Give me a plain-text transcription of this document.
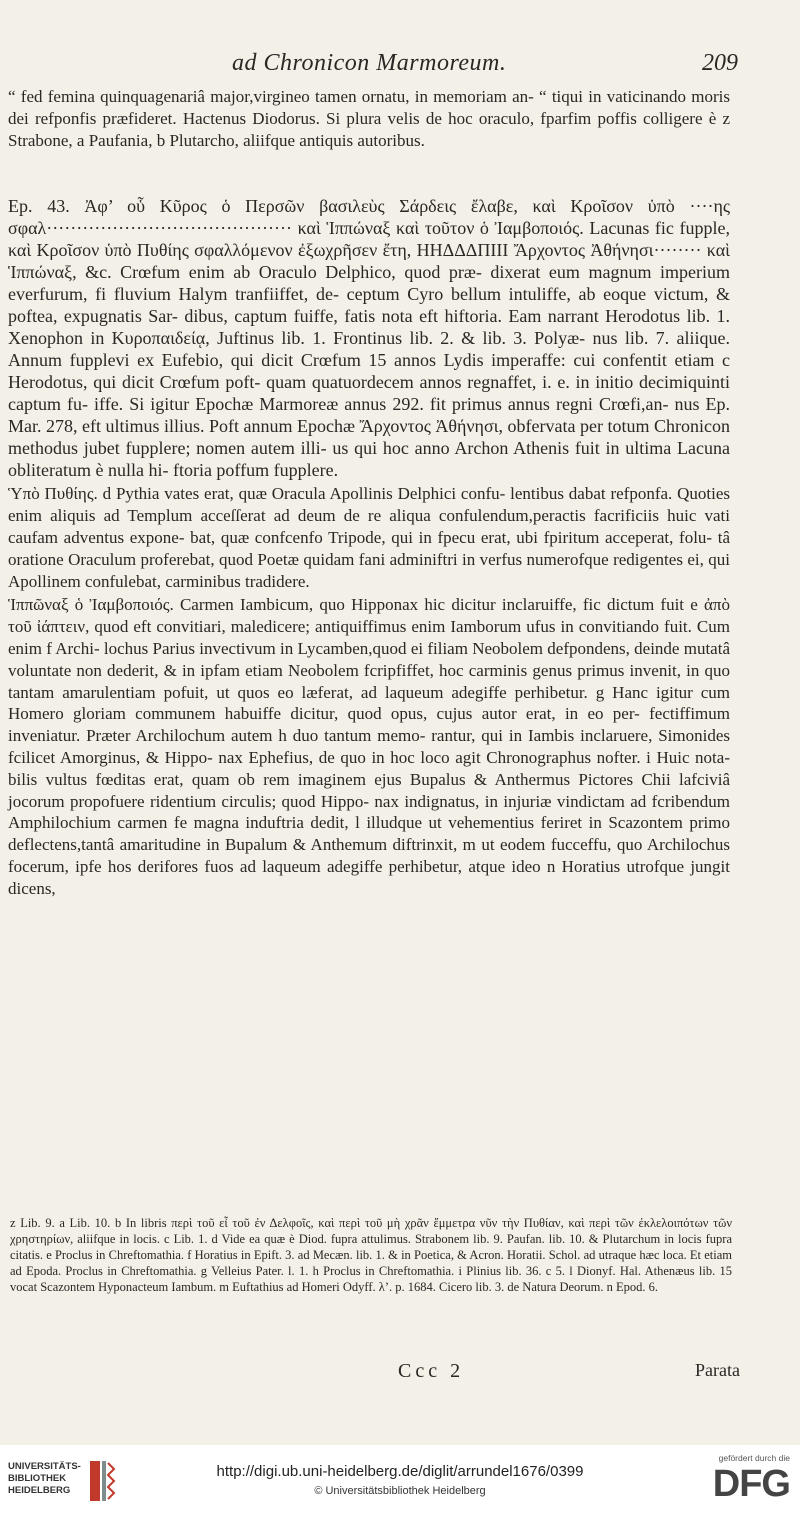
ad Chronicon Marmoreum.	209

“ fed femina quinquagenariâ major,virgineo tamen ornatu, in memoriam an- “ tiqui in vaticinando moris dei refponfis præfideret. Hactenus Diodorus. Si plura velis de hoc oraculo, fparfim poffis colligere è z Strabone, a Paufania, b Plutarcho, aliifque antiquis autoribus.

Ep. 43. Ἀφ’ οὗ Κῦρος ὁ Περσῶν βασιλεὺς Σάρδεις ἔλαβε, καὶ Κροῖσον ὑπὸ ····ης σφαλ········································· καὶ Ἱππώναξ καὶ τοῦτον ὁ Ἰαμβοποιός. Lacunas fic fupple, καὶ Κροῖσον ὑπὸ Πυθίης σφαλλόμενον ἐξωχρῆσεν ἔτη, ΗΗΔΔΔΠΙΙΙ Ἄρχοντος Ἀθήνησι········ καὶ Ἱππώναξ, &c. Crœfum enim ab Oraculo Delphico, quod præ- dixerat eum magnum imperium everfurum, fi fluvium Halym tranfiiffet, de- ceptum Cyro bellum intuliffe, ab eoque victum, & poftea, expugnatis Sar- dibus, captum fuiffe, fatis nota eft hiftoria. Eam narrant Herodotus lib. 1. Xenophon in Κυροπαιδείᾳ, Juftinus lib. 1. Frontinus lib. 2. & lib. 3. Polyæ- nus lib. 7. aliique. Annum fupplevi ex Eufebio, qui dicit Crœfum 15 annos Lydis imperaffe: cui confentit etiam c Herodotus, qui dicit Crœfum poft- quam quatuordecem annos regnaffet, i. e. in initio decimiquinti captum fu- iffe. Si igitur Epochæ Marmoreæ annus 292. fit primus annus regni Crœfi,an- nus Ep. Mar. 278, eft ultimus illius. Poft annum Epochæ Ἄρχοντος Ἀθήνησι, obfervata per totum Chronicon methodus jubet fupplere; nomen autem illi- us qui hoc anno Archon Athenis fuit in ultima Lacuna obliteratum è nulla hi- ftoria poffum fupplere.

Ὑπὸ Πυθίης. d Pythia vates erat, quæ Oracula Apollinis Delphici confu- lentibus dabat refponfa. Quoties enim aliquis ad Templum acceſſerat ad deum de re aliqua confulendum,peractis facrificiis huic vati caufam adventus expone- bat, quæ confcenfo Tripode, qui in fpecu erat, ubi fpiritum acceperat, folu- tâ oratione Oraculum proferebat, quod Poetæ quidam fani adminiftri in verfus numerofque redigentes ei, qui Apollinem confulebat, carminibus tradidere.

Ἱππῶναξ ὁ Ἰαμβοποιός. Carmen Iambicum, quo Hipponax hic dicitur inclaruiffe, fic dictum fuit e ἀπὸ τοῦ ἰάπτειν, quod eft convitiari, maledicere; antiquiffimus enim Iamborum ufus in convitiando fuit. Cum enim f Archi- lochus Parius invectivum in Lycamben,quod ei filiam Neobolem defpondens, deinde mutatâ voluntate non dederit, & in ipfam etiam Neobolem fcripfiffet, hoc carminis genus primus invenit, in quo tantam amarulentiam pofuit, ut quos eo læferat, ad laqueum adegiffe perhibetur. g Hanc igitur cum Homero gloriam communem habuiffe dicitur, quod opus, cujus autor erat, in eo per- fectiffimum inveniatur. Præter Archilochum autem h duo tantum memo- rantur, qui in Iambis inclaruere, Simonides fcilicet Amorginus, & Hippo- nax Ephefius, de quo in hoc loco agit Chronographus nofter. i Huic nota- bilis vultus fœditas erat, quam ob rem imaginem ejus Bupalus & Anthermus Pictores Chii lafciviâ jocorum propofuere ridentium circulis; quod Hippo- nax indignatus, in injuriæ vindictam ad fcribendum Amphilochium carmen fe magna induftria dedit, l illudque ut vehementius feriret in Scazontem primo deflectens,tantâ amaritudine in Bupalum & Anthemum diftrinxit, m ut eodem fucceffu, quo Archilochus focerum, ipfe hos derifores fuos ad laqueum adegiffe perhibetur, atque ideo n Horatius utrofque jungit dicens,

z Lib. 9. a Lib. 10. b In libris περὶ τοῦ εἶ τοῦ ἐν Δελφοῖς, καὶ περὶ τοῦ μὴ χρᾶν ἔμμετρα νῦν τὴν Πυθίαν, καὶ περὶ τῶν ἐκλελοιπότων τῶν χρηστηρίων, aliifque in locis. c Lib. 1. d Vide ea quæ è Diod. fupra attulimus. Strabonem lib. 9. Paufan. lib. 10. & Plutarchum in locis fupra citatis. e Proclus in Chreftomathia. f Horatius in Epift. 3. ad Mecæn. lib. 1. & in Poetica, & Acron. Horatii. Schol. ad utraque hæc loca. Et etiam ad Epoda. Proclus in Chreftomathia. g Velleius Pater. l. 1. h Proclus in Chreftomathia. i Plinius lib. 36. c 5. l Dionyf. Hal. Athenæus lib. 15 vocat Scazontem Hyponacteum Iambum. m Euftathius ad Homeri Odyff. λ’. p. 1684. Cicero lib. 3. de Natura Deorum. n Epod. 6.

Ccc 2	Parata
UNIVERSITÄTS-
BIBLIOTHEK
HEIDELBERG
http://digi.ub.uni-heidelberg.de/diglit/arrundel1676/0399
© Universitätsbibliothek Heidelberg
gefördert durch die
DFG
